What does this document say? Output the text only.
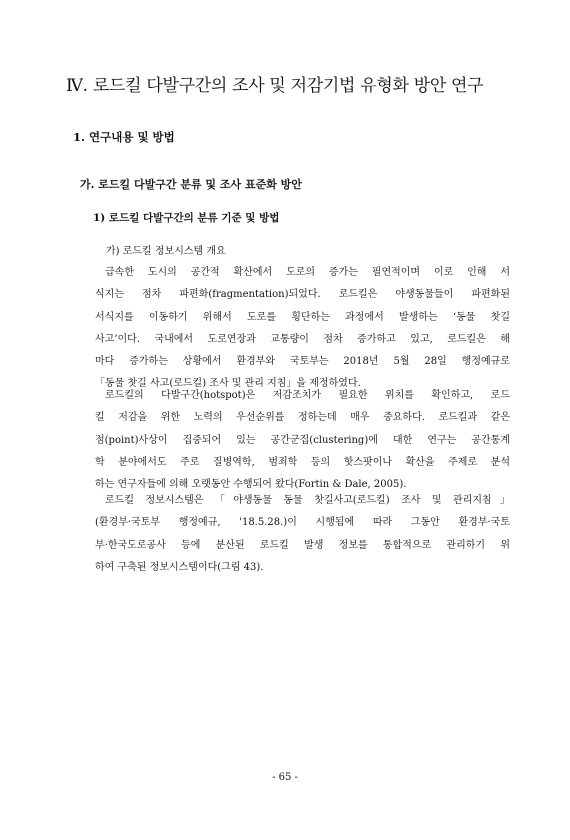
Ⅳ. 로드킬 다발구간의 조사 및 저감기법 유형화 방안 연구
1. 연구내용 및 방법
가. 로드킬 다발구간 분류 및 조사 표준화 방안
1) 로드킬 다발구간의 분류 기준 및 방법
가) 로드킬 정보시스템 개요
급속한 도시의 공간적 확산에서 도로의 증가는 필연적이며 이로 인해 서
식지는 점차 파편화(fragmentation)되었다. 로드킬은 야생동물들이 파편화된
서식지를 이동하기 위해서 도로를 횡단하는 과정에서 발생하는 ‘동물 찻길
사고’이다. 국내에서 도로연장과 교통량이 점차 증가하고 있고, 로드킬은 해
마다 증가하는 상황에서 환경부와 국토부는 2018년 5월 28일 행정예규로
「동물 찻길 사고(로드킬) 조사 및 관리 지침」을 제정하였다.
로드킬의 다발구간(hotspot)은 저감조치가 필요한 위치를 확인하고, 로드
킬 저감을 위한 노력의 우선순위를 정하는데 매우 중요하다. 로드킬과 같은
점(point)사상이 집중되어 있는 공간군집(clustering)에 대한 연구는 공간통계
학 분야에서도 주로 질병역학, 범죄학 등의 핫스팟이나 확산을 주제로 분석
하는 연구자들에 의해 오랫동안 수행되어 왔다(Fortin & Dale, 2005).
로드킬 정보시스템은 「야생동물 동물 찻길사고(로드킬) 조사 및 관리지침」
(환경부·국토부 행정예규, '18.5.28.)이 시행됨에 따라 그동안 환경부·국토
부·한국도로공사 등에 분산된 로드킬 발생 정보를 통합적으로 관리하기 위
하여 구축된 정보시스템이다(그림 43).
- 65 -
